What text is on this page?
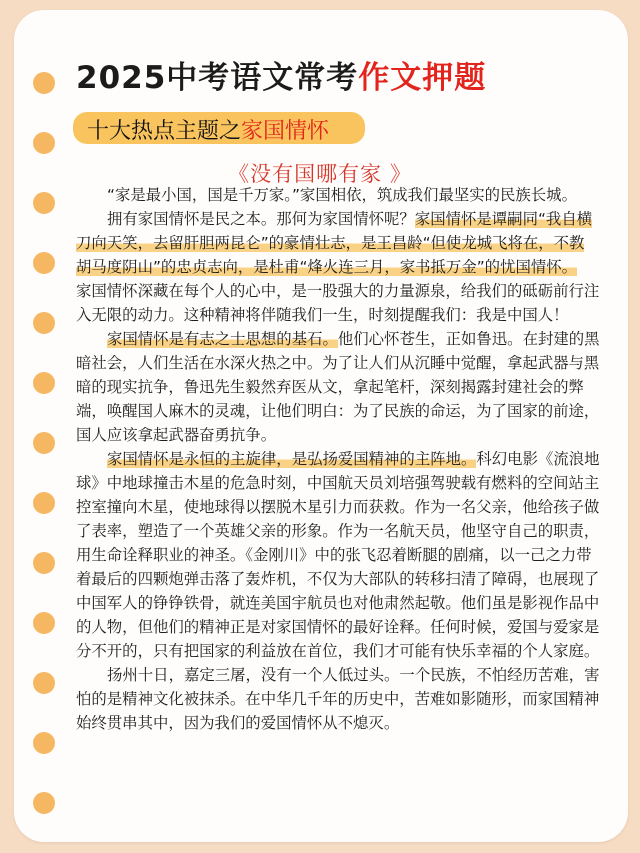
2025中考语文常考作文押题
十大热点主题之家国情怀
《没有国哪有家 》

“家是最小国，国是千万家。”家国相依，筑成我们最坚实的民族长城。

拥有家国情怀是民之本。那何为家国情怀呢？家国情怀是谭嗣同“我自横

刀向天笑，去留肝胆两昆仑”的豪情壮志，是王昌龄“但使龙城飞将在，不教

胡马度阴山”的忠贞志向，是杜甫“烽火连三月，家书抵万金”的忧国情怀。

家国情怀深藏在每个人的心中，是一股强大的力量源泉，给我们的砥砺前行注

入无限的动力。这种精神将伴随我们一生，时刻提醒我们：我是中国人！

家国情怀是有志之士思想的基石。他们心怀苍生，正如鲁迅。在封建的黑

暗社会，人们生活在水深火热之中。为了让人们从沉睡中觉醒，拿起武器与黑

暗的现实抗争，鲁迅先生毅然弃医从文，拿起笔杆，深刻揭露封建社会的弊

端，唤醒国人麻木的灵魂，让他们明白：为了民族的命运，为了国家的前途，

国人应该拿起武器奋勇抗争。

家国情怀是永恒的主旋律，是弘扬爱国精神的主阵地。科幻电影《流浪地

球》中地球撞击木星的危急时刻，中国航天员刘培强驾驶载有燃料的空间站主

控室撞向木星，使地球得以摆脱木星引力而获救。作为一名父亲，他给孩子做

了表率，塑造了一个英雄父亲的形象。作为一名航天员，他坚守自己的职责，

用生命诠释职业的神圣。《金刚川》中的张飞忍着断腿的剧痛，以一己之力带

着最后的四颗炮弹击落了轰炸机，不仅为大部队的转移扫清了障碍，也展现了

中国军人的铮铮铁骨，就连美国宇航员也对他肃然起敬。他们虽是影视作品中

的人物，但他们的精神正是对家国情怀的最好诠释。任何时候，爱国与爱家是

分不开的，只有把国家的利益放在首位，我们才可能有快乐幸福的个人家庭。

扬州十日，嘉定三屠，没有一个人低过头。一个民族，不怕经历苦难，害

怕的是精神文化被抹杀。在中华几千年的历史中，苦难如影随形，而家国精神

始终贯串其中，因为我们的爱国情怀从不熄灭。
